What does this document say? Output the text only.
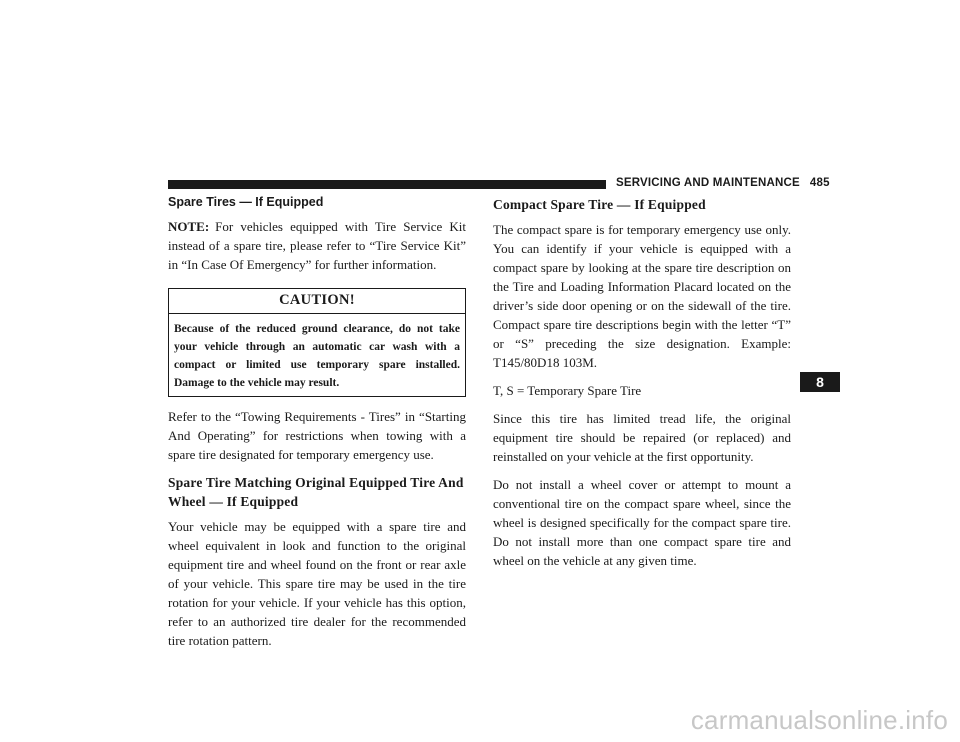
SERVICING AND MAINTENANCE 485
Spare Tires — If Equipped

NOTE: For vehicles equipped with Tire Service Kit instead of a spare tire, please refer to “Tire Service Kit” in “In Case Of Emergency” for further information.

CAUTION!
Because of the reduced ground clearance, do not take your vehicle through an automatic car wash with a compact or limited use temporary spare installed. Damage to the vehicle may result.

Refer to the “Towing Requirements - Tires” in “Starting And Operating” for restrictions when towing with a spare tire designated for temporary emergency use.

Spare Tire Matching Original Equipped Tire And Wheel — If Equipped

Your vehicle may be equipped with a spare tire and wheel equivalent in look and function to the original equipment tire and wheel found on the front or rear axle of your vehicle. This spare tire may be used in the tire rotation for your vehicle. If your vehicle has this option, refer to an authorized tire dealer for the recommended tire rotation pattern.

Compact Spare Tire — If Equipped

The compact spare is for temporary emergency use only. You can identify if your vehicle is equipped with a compact spare by looking at the spare tire description on the Tire and Loading Information Placard located on the driver’s side door opening or on the sidewall of the tire. Compact spare tire descriptions begin with the letter “T” or “S” preceding the size designation. Example: T145/80D18 103M.

T, S = Temporary Spare Tire

Since this tire has limited tread life, the original equipment tire should be repaired (or replaced) and reinstalled on your vehicle at the first opportunity.

Do not install a wheel cover or attempt to mount a conventional tire on the compact spare wheel, since the wheel is designed specifically for the compact spare tire. Do not install more than one compact spare tire and wheel on the vehicle at any given time.

8
carmanualsonline.info
